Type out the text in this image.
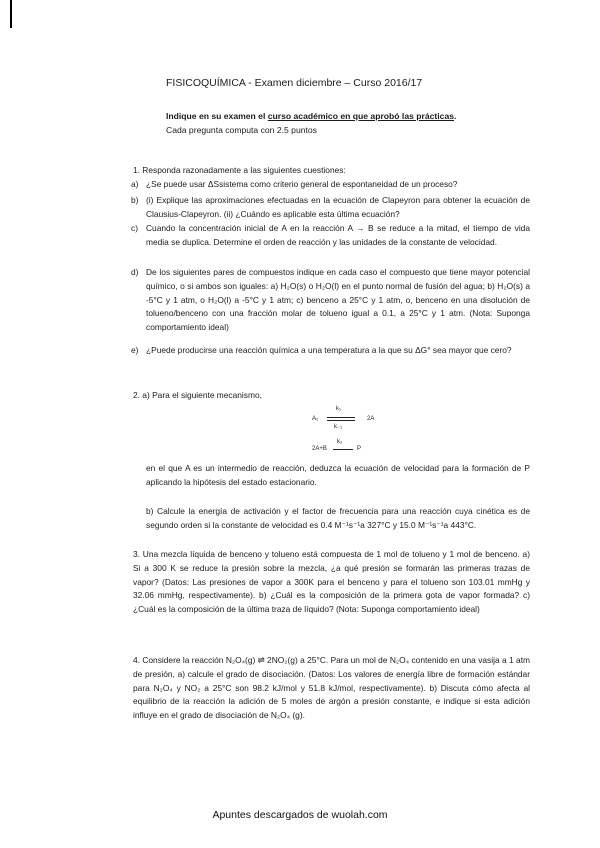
FISICOQUÍMICA - Examen diciembre – Curso 2016/17
Indique en su examen el curso académico en que aprobó las prácticas.
Cada pregunta computa con 2.5 puntos
1. Responda razonadamente a las siguientes cuestiones:
a) ¿Se puede usar ΔSsistema como criterio general de espontaneidad de un proceso?
b) (i) Explique las aproximaciones efectuadas en la ecuación de Clapeyron para obtener la ecuación de Clausius-Clapeyron. (ii) ¿Cuándo es aplicable esta última ecuación?
c) Cuando la concentración inicial de A en la reacción A → B se reduce a la mitad, el tiempo de vida media se duplica. Determine el orden de reacción y las unidades de la constante de velocidad.
d) De los siguientes pares de compuestos indique en cada caso el compuesto que tiene mayor potencial químico, o si ambos son iguales: a) H₂O(s) o H₂O(l) en el punto normal de fusión del agua; b) H₂O(s) a -5°C y 1 atm, o H₂O(l) a -5°C y 1 atm; c) benceno a 25°C y 1 atm, o, benceno en una disolución de tolueno/benceno con una fracción molar de tolueno igual a 0.1, a 25°C y 1 atm. (Nota: Suponga comportamiento ideal)
e) ¿Puede producirse una reacción química a una temperatura a la que su ΔG° sea mayor que cero?
2. a) Para el siguiente mecanismo,
A₂
k₁
k₋₁
2A
2A+B
k₂
P
en el que A es un intermedio de reacción, deduzca la ecuación de velocidad para la formación de P aplicando la hipótesis del estado estacionario.
b) Calcule la energía de activación y el factor de frecuencia para una reacción cuya cinética es de segundo orden si la constante de velocidad es 0.4 M⁻¹s⁻¹a 327°C y 15.0 M⁻¹s⁻¹a 443°C.
3. Una mezcla líquida de benceno y tolueno está compuesta de 1 mol de tolueno y 1 mol de benceno. a) Si a 300 K se reduce la presión sobre la mezcla, ¿a qué presión se formarán las primeras trazas de vapor? (Datos: Las presiones de vapor a 300K para el benceno y para el tolueno son 103.01 mmHg y 32.06 mmHg, respectivamente). b) ¿Cuál es la composición de la primera gota de vapor formada? c) ¿Cuál es la composición de la última traza de líquido? (Nota: Suponga comportamiento ideal)
4. Considere la reacción N₂O₄(g) ⇌ 2NO₂(g) a 25°C. Para un mol de N₂O₄ contenido en una vasija a 1 atm de presión, a) calcule el grado de disociación. (Datos: Los valores de energía libre de formación estándar para N₂O₄ y NO₂ a 25°C son 98.2 kJ/mol y 51.8 kJ/mol, respectivamente). b) Discuta cómo afecta al equilibrio de la reacción la adición de 5 moles de argón a presión constante, e indique si esta adición influye en el grado de disociación de N₂O₄ (g).
Apuntes descargados de wuolah.com
